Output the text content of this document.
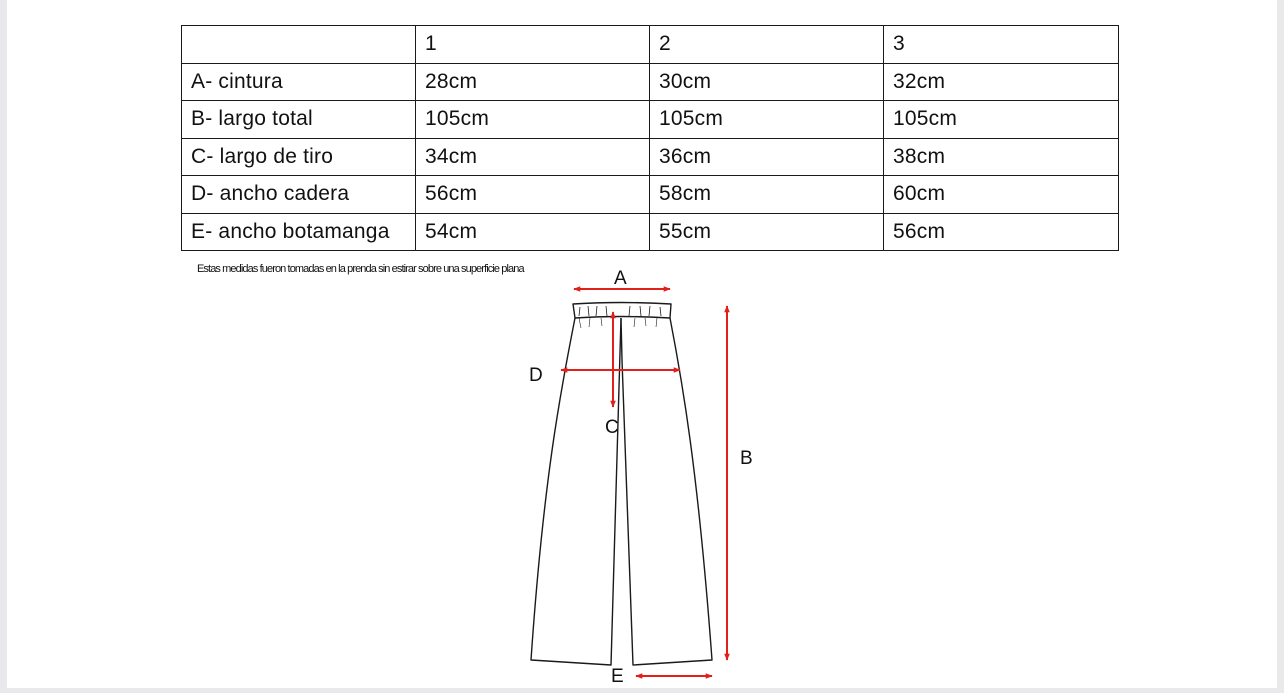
	1	2	3
A- cintura	28cm	30cm	32cm
B- largo total	105cm	105cm	105cm
C- largo de tiro	34cm	36cm	38cm
D- ancho cadera	56cm	58cm	60cm
E- ancho botamanga	54cm	55cm	56cm
Estas medidas fueron tomadas en la prenda sin estirar sobre una superficie plana	A
B
C
D
E
